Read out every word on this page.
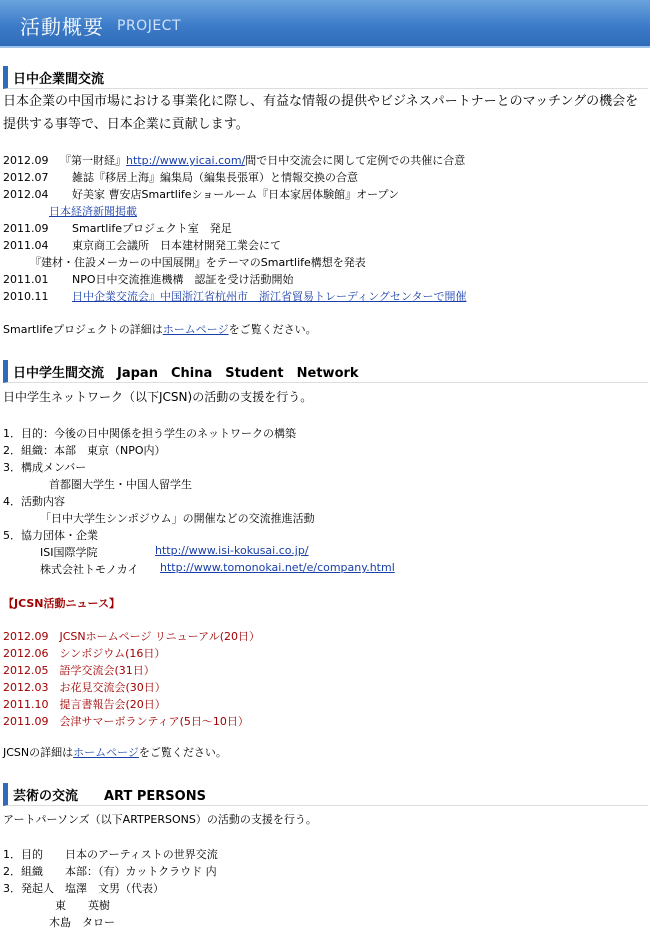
活動概要 PROJECT
日中企業間交流
日本企業の中国市場における事業化に際し、有益な情報の提供やビジネスパートナーとのマッチングの機会を提供する事等で、日本企業に貢献します。
2012.09 『第一財経』http://www.yicai.com/間で日中交流会に関して定例での共催に合意
2012.07 雑誌『移居上海』編集局（編集長張軍）と情報交換の合意
2012.04 好美家 曹安店Smartlifeショールーム『日本家居体験館』オープン
日本経済新聞掲載
2011.09 Smartlifeプロジェクト室　発足
2011.04 東京商工会議所　日本建材開発工業会にて
『建材・住設メーカーの中国展開』をテーマのSmartlife構想を発表
2011.01 NPO日中交流推進機構　認証を受け活動開始
2010.11 日中企業交流会』中国浙江省杭州市　浙江省貿易トレーディングセンターで開催
Smartlifeプロジェクトの詳細はホームページをご覧ください。
日中学生間交流　Japan　China　Student　Network
日中学生ネットワーク（以下JCSN)の活動の支援を行う。
1．目的：今後の日中関係を担う学生のネットワークの構築
2．組織：本部　東京（NPO内）
3．構成メンバー
首都圏大学生・中国人留学生
4．活動内容
「日中大学生シンポジウム」の開催などの交流推進活動
5．協力団体・企業
ISI国際学院	http://www.isi-kokusai.co.jp/
株式会社トモノカイ http://www.tomonokai.net/e/company.html
【JCSN活動ニュース】
2012.09　JCSNホームページ リニューアル(20日）
2012.06　シンポジウム(16日）
2012.05　語学交流会(31日）
2012.03　お花見交流会(30日）
2011.10　提言書報告会(20日）
2011.09　会津サマーボランティア(5日～10日）
JCSNの詳細はホームページをご覧ください。
芸術の交流　　ART PERSONS
アートパーソンズ（以下ARTPERSONS）の活動の支援を行う。
1．目的　　日本のアーティストの世界交流
2．組織　　本部：（有）カットクラウド 内
3．発起人　塩澤　文男（代表）
東　　英樹
木島　タロー
